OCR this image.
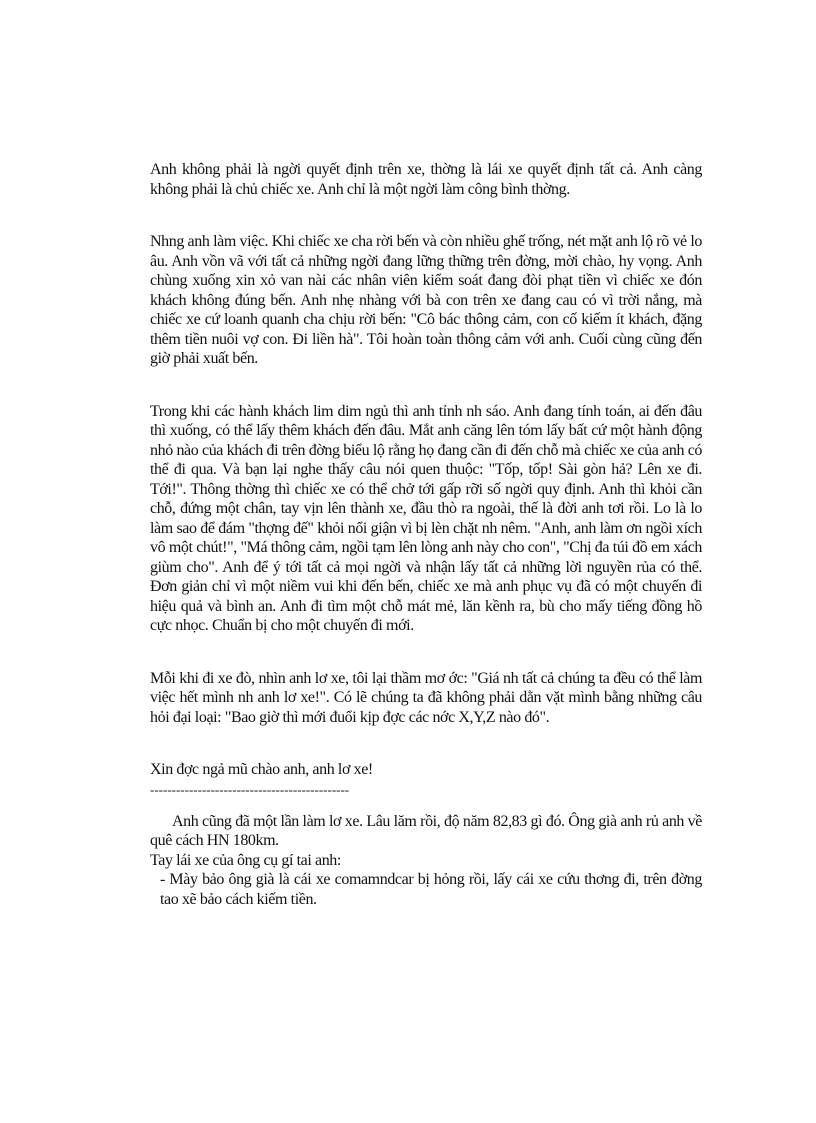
Anh không phải là ngời quyết định trên xe, thờng là lái xe quyết định tất cả. Anh càng không phải là chủ chiếc xe. Anh chỉ là một ngời làm công bình thờng.

Nhng anh làm việc. Khi chiếc xe cha rời bến và còn nhiều ghế trống, nét mặt anh lộ rõ vẻ lo âu. Anh vồn vã với tất cả những ngời đang lững thững trên đờng, mời chào, hy vọng. Anh chùng xuống xin xỏ van nài các nhân viên kiểm soát đang đòi phạt tiền vì chiếc xe đón khách không đúng bến. Anh nhẹ nhàng với bà con trên xe đang cau có vì trời nắng, mà chiếc xe cứ loanh quanh cha chịu rời bến: "Cô bác thông cảm, con cố kiếm ít khách, đặng thêm tiền nuôi vợ con. Đi liền hà". Tôi hoàn toàn thông cảm với anh. Cuối cùng cũng đến giờ phải xuất bến.

Trong khi các hành khách lim dim ngủ thì anh tỉnh nh sáo. Anh đang tính toán, ai đến đâu thì xuống, có thể lấy thêm khách đến đâu. Mắt anh căng lên tóm lấy bất cứ một hành động nhỏ nào của khách đi trên đờng biểu lộ rằng họ đang cần đi đến chỗ mà chiếc xe của anh có thể đi qua. Và bạn lại nghe thấy câu nói quen thuộc: "Tốp, tốp! Sài gòn hả? Lên xe đi. Tới!". Thông thờng thì chiếc xe có thể chở tới gấp rỡi số ngời quy định. Anh thì khỏi cần chỗ, đứng một chân, tay vịn lên thành xe, đầu thò ra ngoài, thế là đời anh tơi rồi. Lo là lo làm sao để đám "thợng đế" khỏi nổi giận vì bị lèn chặt nh nêm. "Anh, anh làm ơn ngồi xích vô một chút!", "Má thông cảm, ngồi tạm lên lòng anh này cho con", "Chị đa túi đồ em xách giùm cho". Anh để ý tới tất cả mọi ngời và nhận lấy tất cả những lời nguyền rủa có thể. Đơn giản chỉ vì một niềm vui khi đến bến, chiếc xe mà anh phục vụ đã có một chuyến đi hiệu quả và bình an. Anh đi tìm một chỗ mát mẻ, lăn kềnh ra, bù cho mấy tiếng đồng hồ cực nhọc. Chuẩn bị cho một chuyến đi mới.

Mỗi khi đi xe đò, nhìn anh lơ xe, tôi lại thầm mơ ớc: "Giá nh tất cả chúng ta đều có thể làm việc hết mình nh anh lơ xe!". Có lẽ chúng ta đã không phải dằn vặt mình bằng những câu hỏi đại loại: "Bao giờ thì mới đuổi kịp đợc các nớc X,Y,Z nào đó".

Xin đợc ngả mũ chào anh, anh lơ xe!

----------------------------------------------

Anh cũng đã một lần làm lơ xe. Lâu lăm rồi, độ năm 82,83 gì đó. Ông già anh rủ anh về quê cách HN 180km.

Tay lái xe của ông cụ gí tai anh:

- Mày bảo ông già là cái xe comamndcar bị hỏng rồi, lấy cái xe cứu thơng đi, trên đờng tao xẽ bảo cách kiếm tiền.
